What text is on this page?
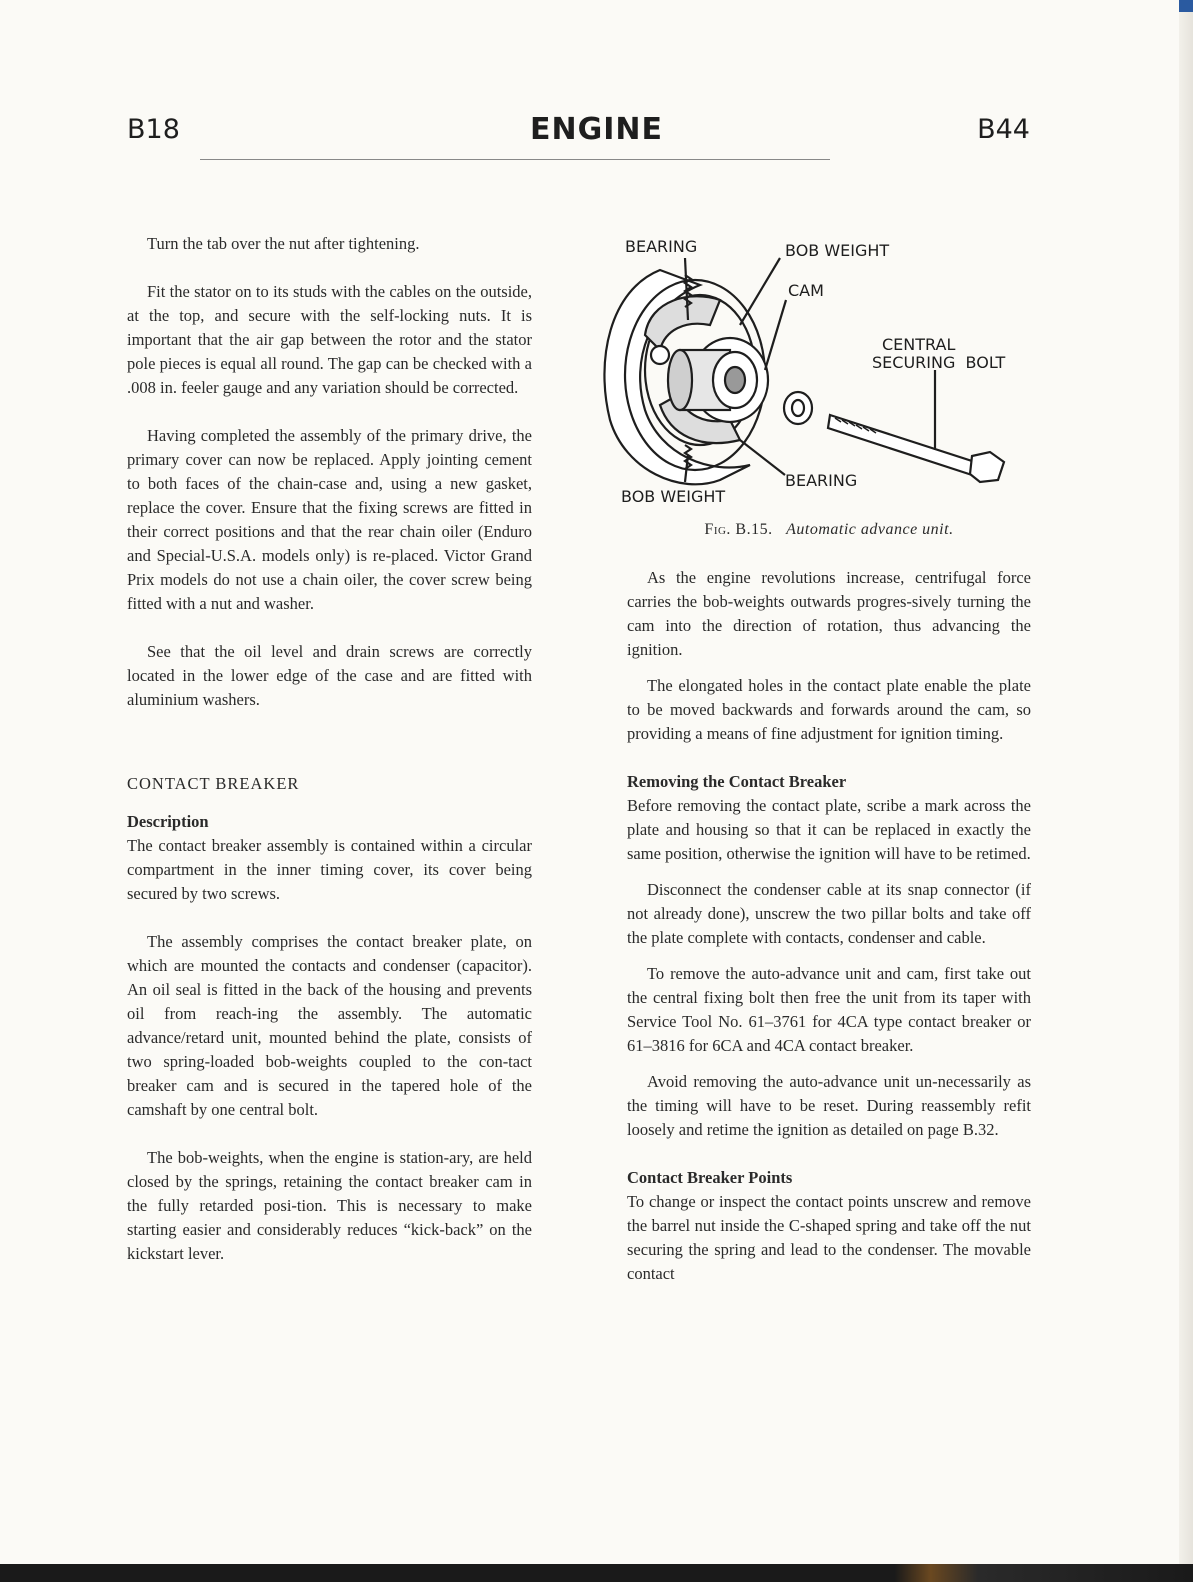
B18	ENGINE	B44

Turn the tab over the nut after tightening.

Fit the stator on to its studs with the cables on the outside, at the top, and secure with the self-locking nuts. It is important that the air gap between the rotor and the stator pole pieces is equal all round. The gap can be checked with a .008 in. feeler gauge and any variation should be corrected.

Having completed the assembly of the primary drive, the primary cover can now be replaced. Apply jointing cement to both faces of the chain-case and, using a new gasket, replace the cover. Ensure that the fixing screws are fitted in their correct positions and that the rear chain oiler (Enduro and Special-U.S.A. models only) is re-placed. Victor Grand Prix models do not use a chain oiler, the cover screw being fitted with a nut and washer.

See that the oil level and drain screws are correctly located in the lower edge of the case and are fitted with aluminium washers.

CONTACT BREAKER

Description

The contact breaker assembly is contained within a circular compartment in the inner timing cover, its cover being secured by two screws.

The assembly comprises the contact breaker plate, on which are mounted the contacts and condenser (capacitor). An oil seal is fitted in the back of the housing and prevents oil from reach-ing the assembly. The automatic advance/retard unit, mounted behind the plate, consists of two spring-loaded bob-weights coupled to the con-tact breaker cam and is secured in the tapered hole of the camshaft by one central bolt.

The bob-weights, when the engine is station-ary, are held closed by the springs, retaining the contact breaker cam in the fully retarded posi-tion. This is necessary to make starting easier and considerably reduces “kick-back” on the kickstart lever.

BEARING	BOB WEIGHT
CAM
CENTRAL
SECURING  BOLT
BEARING
BOB WEIGHT
Fig. B.15. Automatic advance unit.

As the engine revolutions increase, centrifugal force carries the bob-weights outwards progres-sively turning the cam into the direction of rotation, thus advancing the ignition.

The elongated holes in the contact plate enable the plate to be moved backwards and forwards around the cam, so providing a means of fine adjustment for ignition timing.

Removing the Contact Breaker

Before removing the contact plate, scribe a mark across the plate and housing so that it can be replaced in exactly the same position, otherwise the ignition will have to be retimed.

Disconnect the condenser cable at its snap connector (if not already done), unscrew the two pillar bolts and take off the plate complete with contacts, condenser and cable.

To remove the auto-advance unit and cam, first take out the central fixing bolt then free the unit from its taper with Service Tool No. 61–3761 for 4CA type contact breaker or 61–3816 for 6CA and 4CA contact breaker.

Avoid removing the auto-advance unit un-necessarily as the timing will have to be reset. During reassembly refit loosely and retime the ignition as detailed on page B.32.

Contact Breaker Points

To change or inspect the contact points unscrew and remove the barrel nut inside the C-shaped spring and take off the nut securing the spring and lead to the condenser. The movable contact
